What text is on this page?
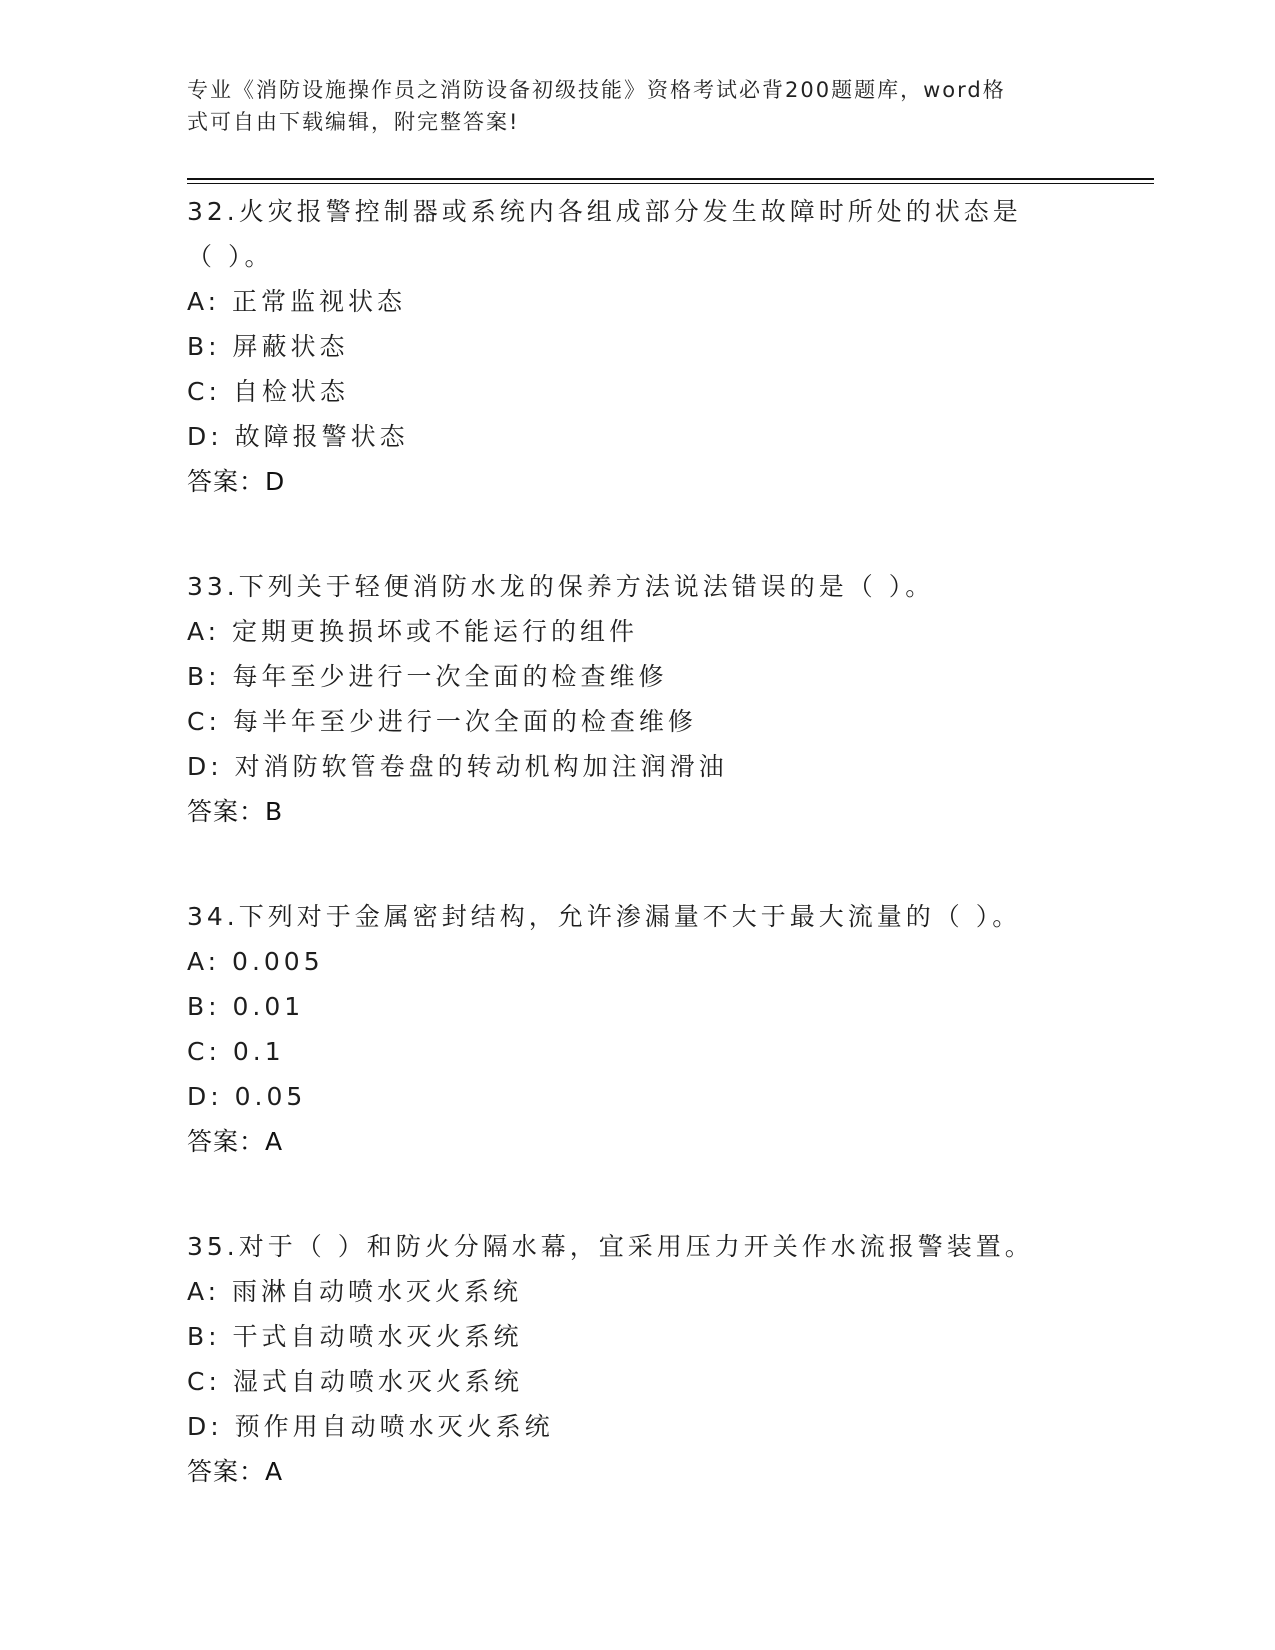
专业《消防设施操作员之消防设备初级技能》资格考试必背200题题库，word格
式可自由下载编辑，附完整答案!
32.火灾报警控制器或系统内各组成部分发生故障时所处的状态是（ ）。
A: 正常监视状态
B: 屏蔽状态
C: 自检状态
D: 故障报警状态
答案：D
33.下列关于轻便消防水龙的保养方法说法错误的是（ ）。
A: 定期更换损坏或不能运行的组件
B: 每年至少进行一次全面的检查维修
C: 每半年至少进行一次全面的检查维修
D: 对消防软管卷盘的转动机构加注润滑油
答案：B
34.下列对于金属密封结构，允许渗漏量不大于最大流量的（ ）。
A: 0.005
B: 0.01
C: 0.1
D: 0.05
答案：A
35.对于（ ）和防火分隔水幕，宜采用压力开关作水流报警装置。
A: 雨淋自动喷水灭火系统
B: 干式自动喷水灭火系统
C: 湿式自动喷水灭火系统
D: 预作用自动喷水灭火系统
答案：A
